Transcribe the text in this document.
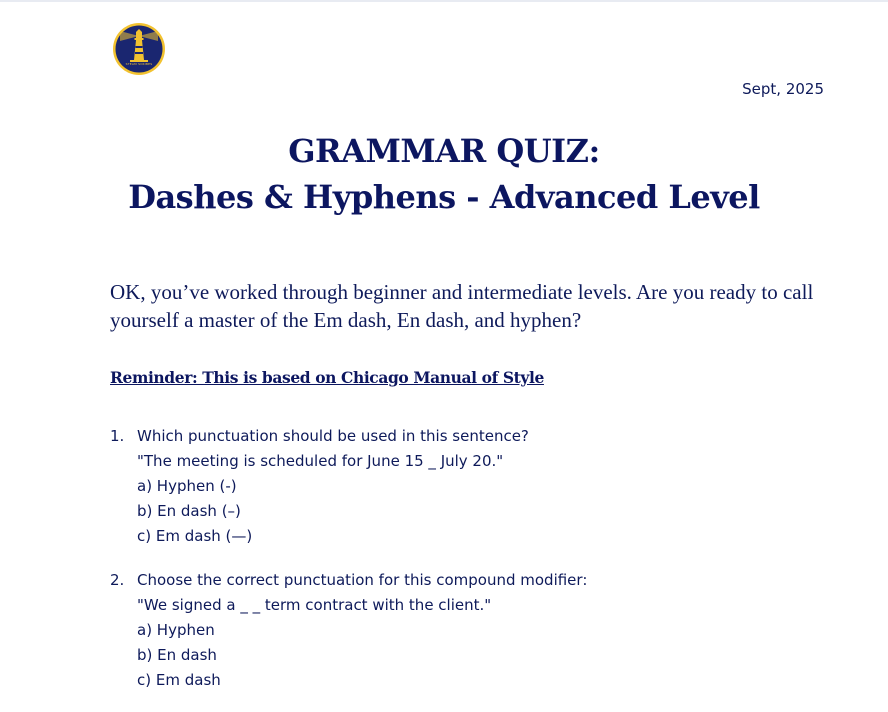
STEAM SCRIBES
Sept, 2025
GRAMMAR QUIZ:
Dashes & Hyphens - Advanced Level
OK, you’ve worked through beginner and intermediate levels. Are you ready to call yourself a master of the Em dash, En dash, and hyphen?
Reminder: This is based on Chicago Manual of Style
1. Which punctuation should be used in this sentence?
"The meeting is scheduled for June 15 _ July 20."
a) Hyphen (-)
b) En dash (–)
c) Em dash (—)
2. Choose the correct punctuation for this compound modifier:
"We signed a _ _ term contract with the client."
a) Hyphen
b) En dash
c) Em dash
